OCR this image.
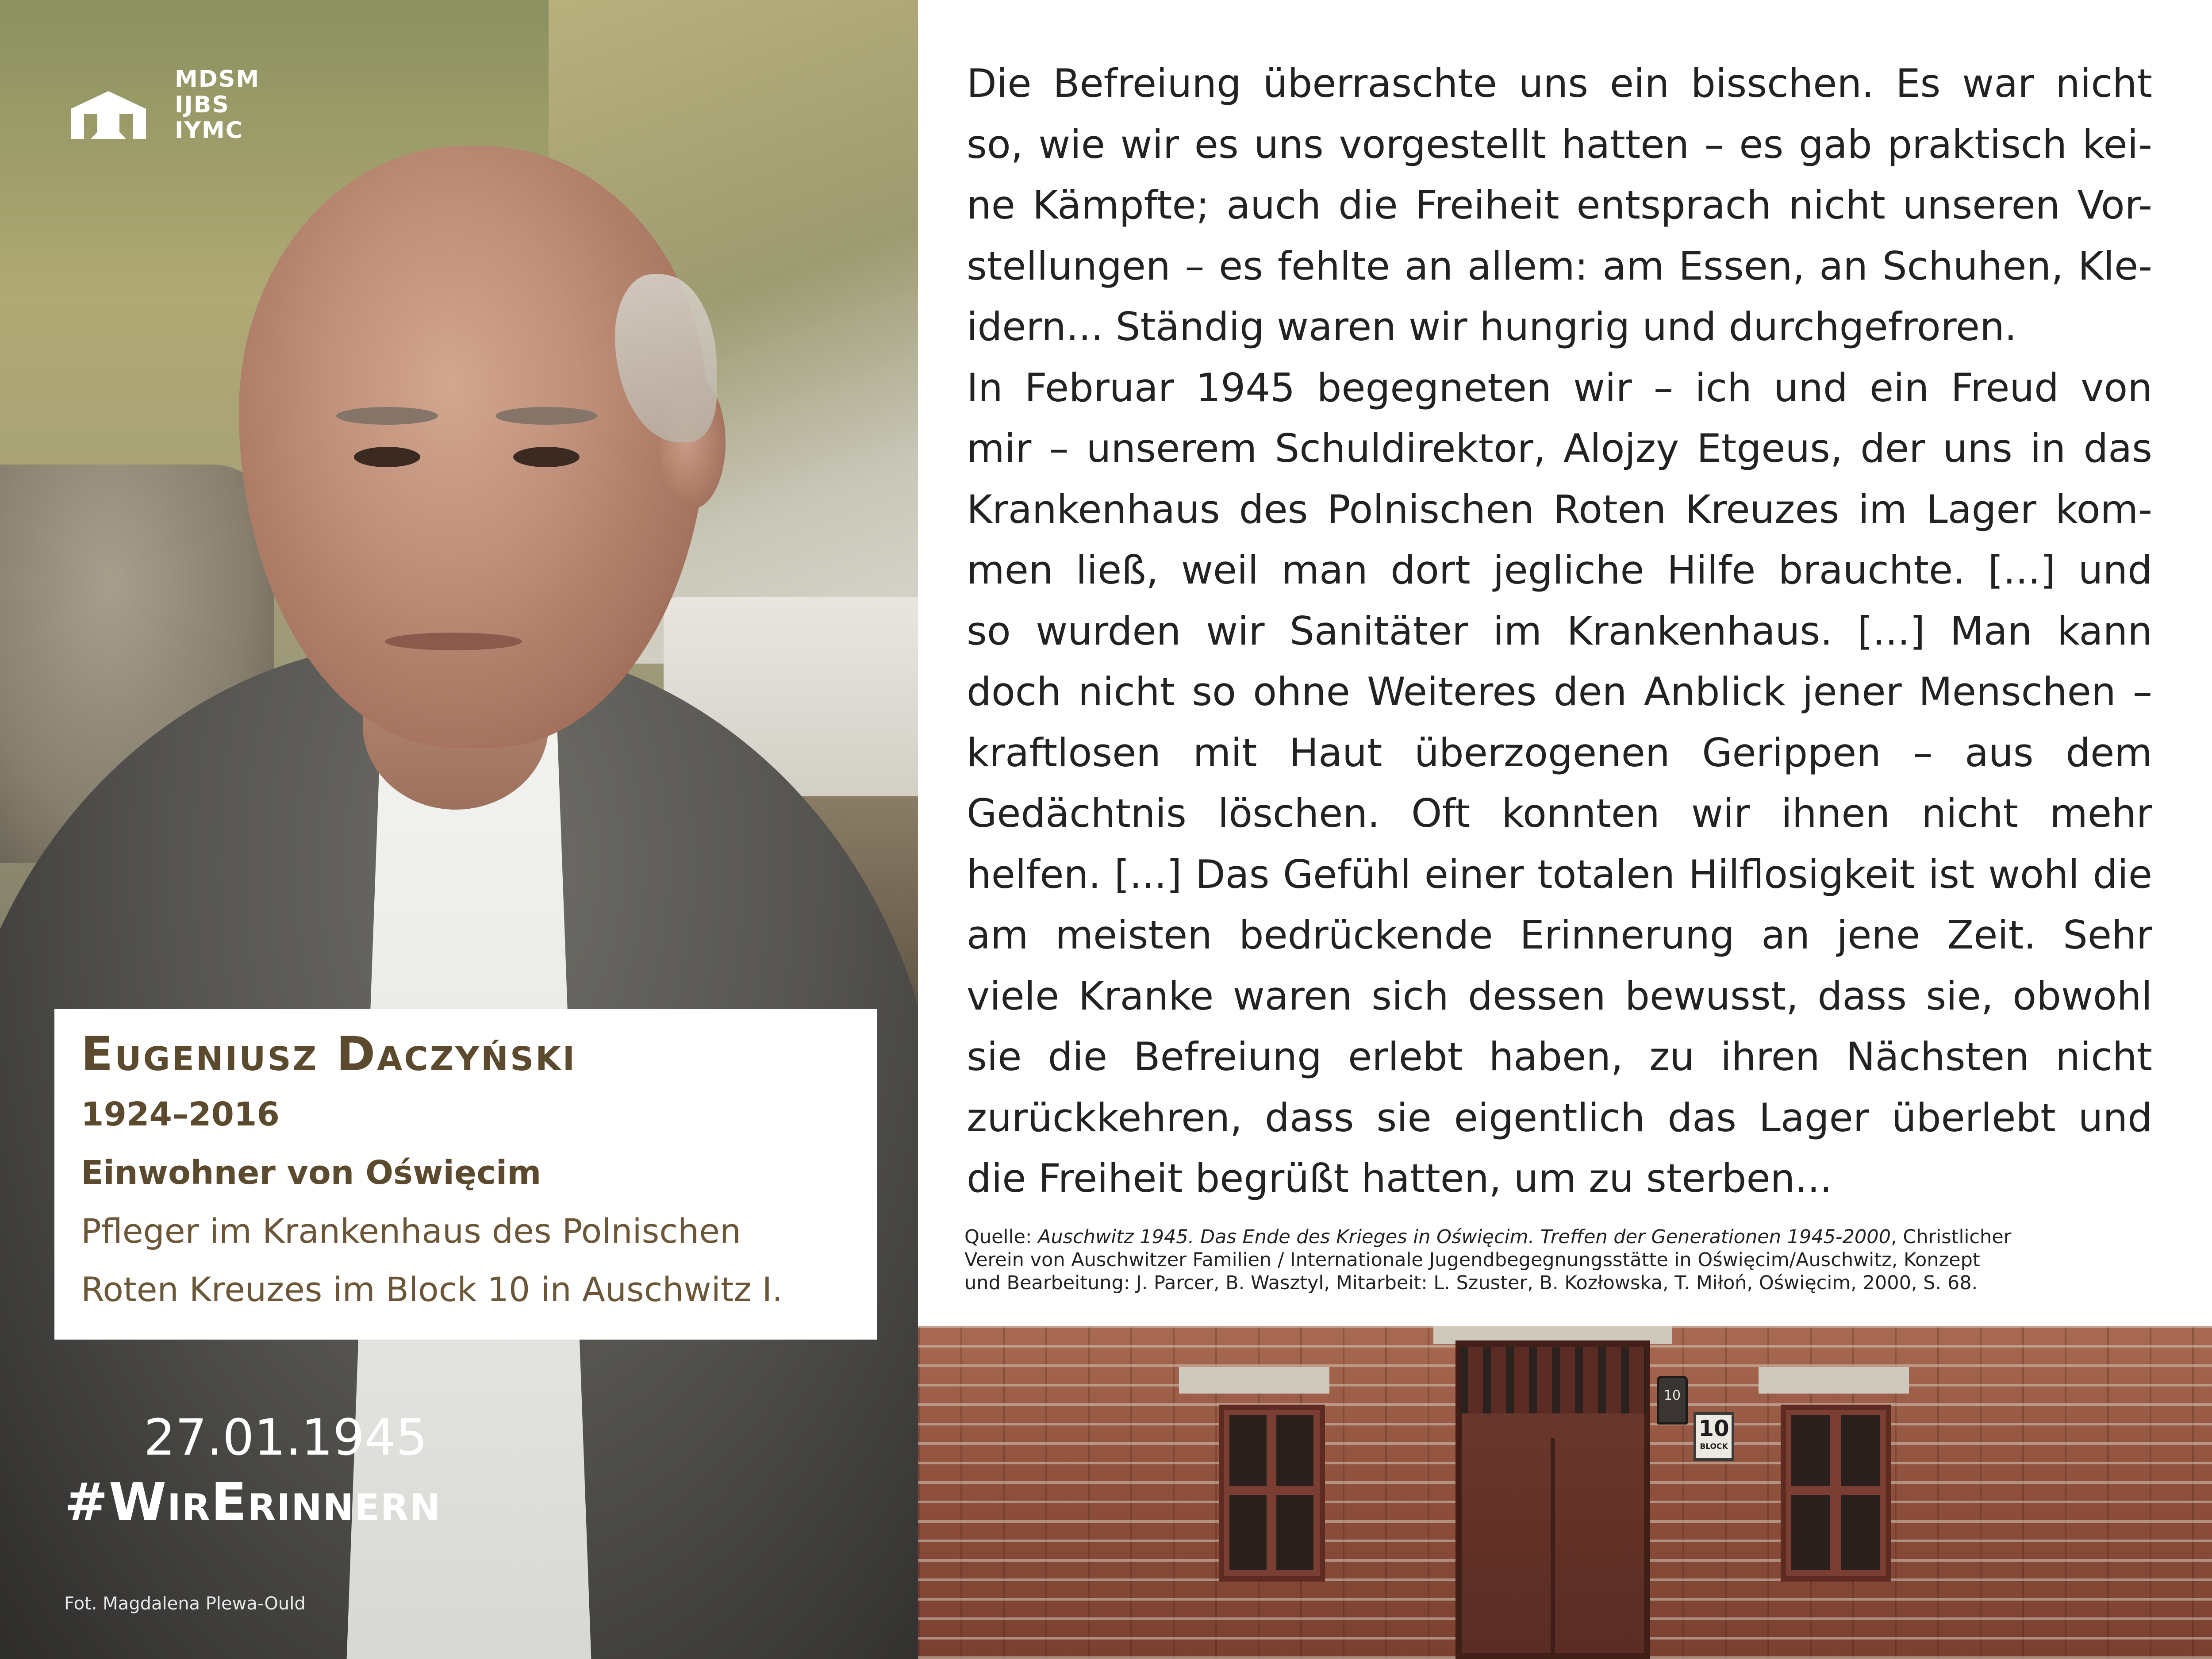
MDSM
IJBS
IYMC
Eugeniusz Daczyński
1924–2016
Einwohner von Oświęcim
Pfleger im Krankenhaus des Polnischen
Roten Kreuzes im Block 10 in Auschwitz I.
27.01.1945
#WirErinnern
Fot. Magdalena Plewa-Ould
Die Befreiung überraschte uns ein bisschen. Es war nicht
so, wie wir es uns vorgestellt hatten – es gab praktisch kei-
ne Kämpfte; auch die Freiheit entsprach nicht unseren Vor-
stellungen – es fehlte an allem: am Essen, an Schuhen, Kle-
idern... Ständig waren wir hungrig und durchgefroren.
In Februar 1945 begegneten wir – ich und ein Freud von
mir – unserem Schuldirektor, Alojzy Etgeus, der uns in das
Krankenhaus des Polnischen Roten Kreuzes im Lager kom-
men ließ, weil man dort jegliche Hilfe brauchte. [...] und
so wurden wir Sanitäter im Krankenhaus. [...] Man kann
doch nicht so ohne Weiteres den Anblick jener Menschen –
kraftlosen mit Haut überzogenen Gerippen – aus dem
Gedächtnis löschen. Oft konnten wir ihnen nicht mehr
helfen. [...] Das Gefühl einer totalen Hilflosigkeit ist wohl die
am meisten bedrückende Erinnerung an jene Zeit. Sehr
viele Kranke waren sich dessen bewusst, dass sie, obwohl
sie die Befreiung erlebt haben, zu ihren Nächsten nicht
zurückkehren, dass sie eigentlich das Lager überlebt und
die Freiheit begrüßt hatten, um zu sterben...
Quelle: Auschwitz 1945. Das Ende des Krieges in Oświęcim. Treffen der Generationen 1945-2000, Christlicher
Verein von Auschwitzer Familien / Internationale Jugendbegegnungsstätte in Oświęcim/Auschwitz, Konzept
und Bearbeitung: J. Parcer, B. Wasztyl, Mitarbeit: L. Szuster, B. Kozłowska, T. Miłoń, Oświęcim, 2000, S. 68.
10
10
BLOCK
